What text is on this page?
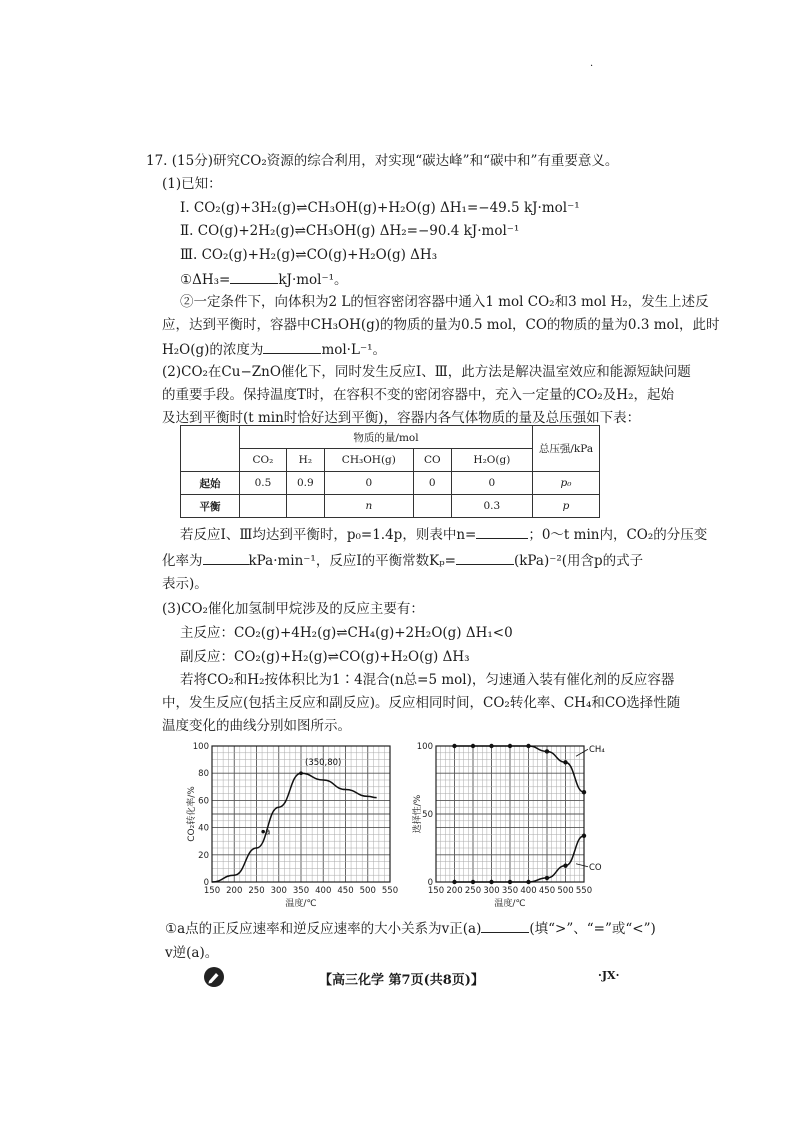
·
17. (15分)研究CO₂资源的综合利用，对实现“碳达峰”和“碳中和”有重要意义。
(1)已知：
Ⅰ. CO₂(g)+3H₂(g)⇌CH₃OH(g)+H₂O(g) ΔH₁=−49.5 kJ·mol⁻¹
Ⅱ. CO(g)+2H₂(g)⇌CH₃OH(g) ΔH₂=−90.4 kJ·mol⁻¹
Ⅲ. CO₂(g)+H₂(g)⇌CO(g)+H₂O(g) ΔH₃
①ΔH₃=	kJ·mol⁻¹。
②一定条件下，向体积为2 L的恒容密闭容器中通入1 mol CO₂和3 mol H₂，发生上述反
应，达到平衡时，容器中CH₃OH(g)的物质的量为0.5 mol，CO的物质的量为0.3 mol，此时
H₂O(g)的浓度为	mol·L⁻¹。
(2)CO₂在Cu−ZnO催化下，同时发生反应Ⅰ、Ⅲ，此方法是解决温室效应和能源短缺问题
的重要手段。保持温度T时，在容积不变的密闭容器中，充入一定量的CO₂及H₂，起始
及达到平衡时(t min时恰好达到平衡)，容器内各气体物质的量及总压强如下表：
	物质的量/mol					总压强/kPa
	CO₂	H₂	CH₃OH(g)	CO	H₂O(g)	
起始	0.5	0.9	0	0	0	p₀
平衡			n		0.3	p
若反应Ⅰ、Ⅲ均达到平衡时，p₀=1.4p，则表中n=	；0～t min内，CO₂的分压变
化率为	kPa·min⁻¹，反应Ⅰ的平衡常数Kₚ=	(kPa)⁻²(用含p的式子
表示)。
(3)CO₂催化加氢制甲烷涉及的反应主要有：
主反应：CO₂(g)+4H₂(g)⇌CH₄(g)+2H₂O(g) ΔH₁<0
副反应：CO₂(g)+H₂(g)⇌CO(g)+H₂O(g) ΔH₃
若将CO₂和H₂按体积比为1∶4混合(n总=5 mol)，匀速通入装有催化剂的反应容器
中，发生反应(包括主反应和副反应)。反应相同时间，CO₂转化率、CH₄和CO选择性随
温度变化的曲线分别如图所示。
150 200 250 300 350 400 450 500 550
0
20
40
60
80
100
温度/℃
CO₂转化率/%
(350,80)
a
150 200 250 300 350 400 450 500 550
0
50
100
温度/℃
选择性/%
CH₄
CO
①a点的正反应速率和逆反应速率的大小关系为v正(a)	(填“>”、“=”或“<”)
v逆(a)。
【高三化学 第7页(共8页)】	·JX·
